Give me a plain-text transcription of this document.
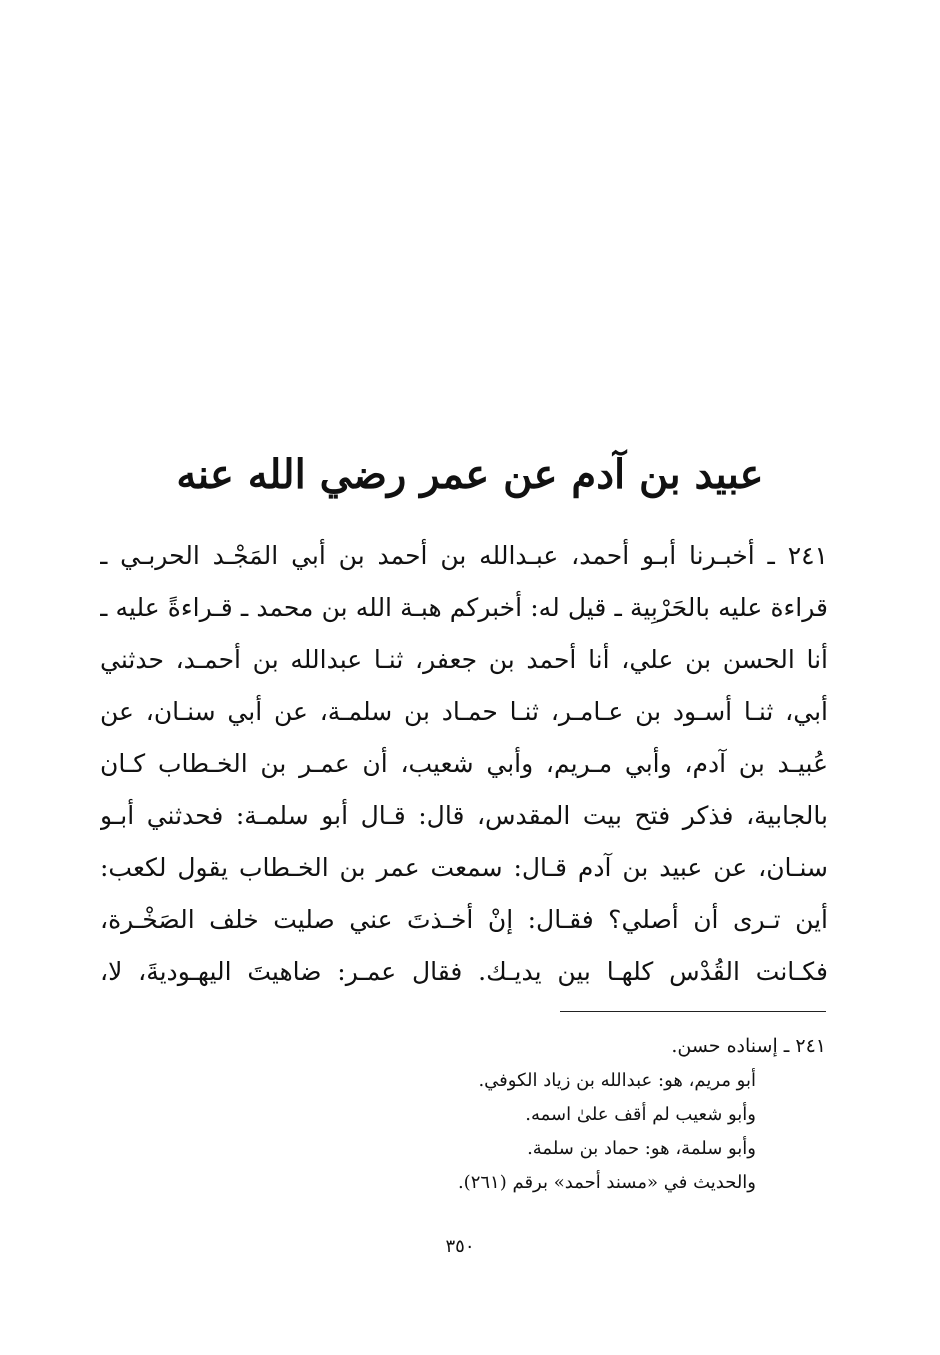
عبيد بن آدم عن عمر رضي الله عنه
٢٤١ ـ أخبـرنا أبـو أحمد، عبـدالله بن أحمد بن أبي المَجْـد الحربـي ـ
قراءة عليه بالحَرْبِية ـ قيل له: أخبركم هبـة الله بن محمد ـ قـراءةً عليه ـ
أنا الحسن بن علي، أنا أحمد بن جعفر، ثنـا عبدالله بن أحمـد، حدثني
أبي، ثنـا أسـود بن عـامـر، ثنـا حمـاد بن سلمـة، عن أبي سنـان، عن
عُبيـد بن آدم، وأبي مـريم، وأبي شعيب، أن عمـر بن الخـطاب كـان
بالجابية، فذكر فتح بيت المقدس، قال: قـال أبو سلمـة: فحدثني أبـو
سنـان، عن عبيد بن آدم قـال: سمعت عمر بن الخـطاب يقول لكعب:
أين تـرى أن أصلي؟ فقـال: إنْ أخـذتَ عني صليت خلف الصَخْـرة،
فكـانت القُدْس كلهـا بين يديـك. فقال عمـر: ضاهيتَ اليهـوديةَ، لا،
٢٤١ ـ إسناده حسن.
أبو مريم، هو: عبدالله بن زياد الكوفي.
وأبو شعيب لم أقف علىٰ اسمه.
وأبو سلمة، هو: حماد بن سلمة.
والحديث في «مسند أحمد» برقم (٢٦١).
٣٥٠
